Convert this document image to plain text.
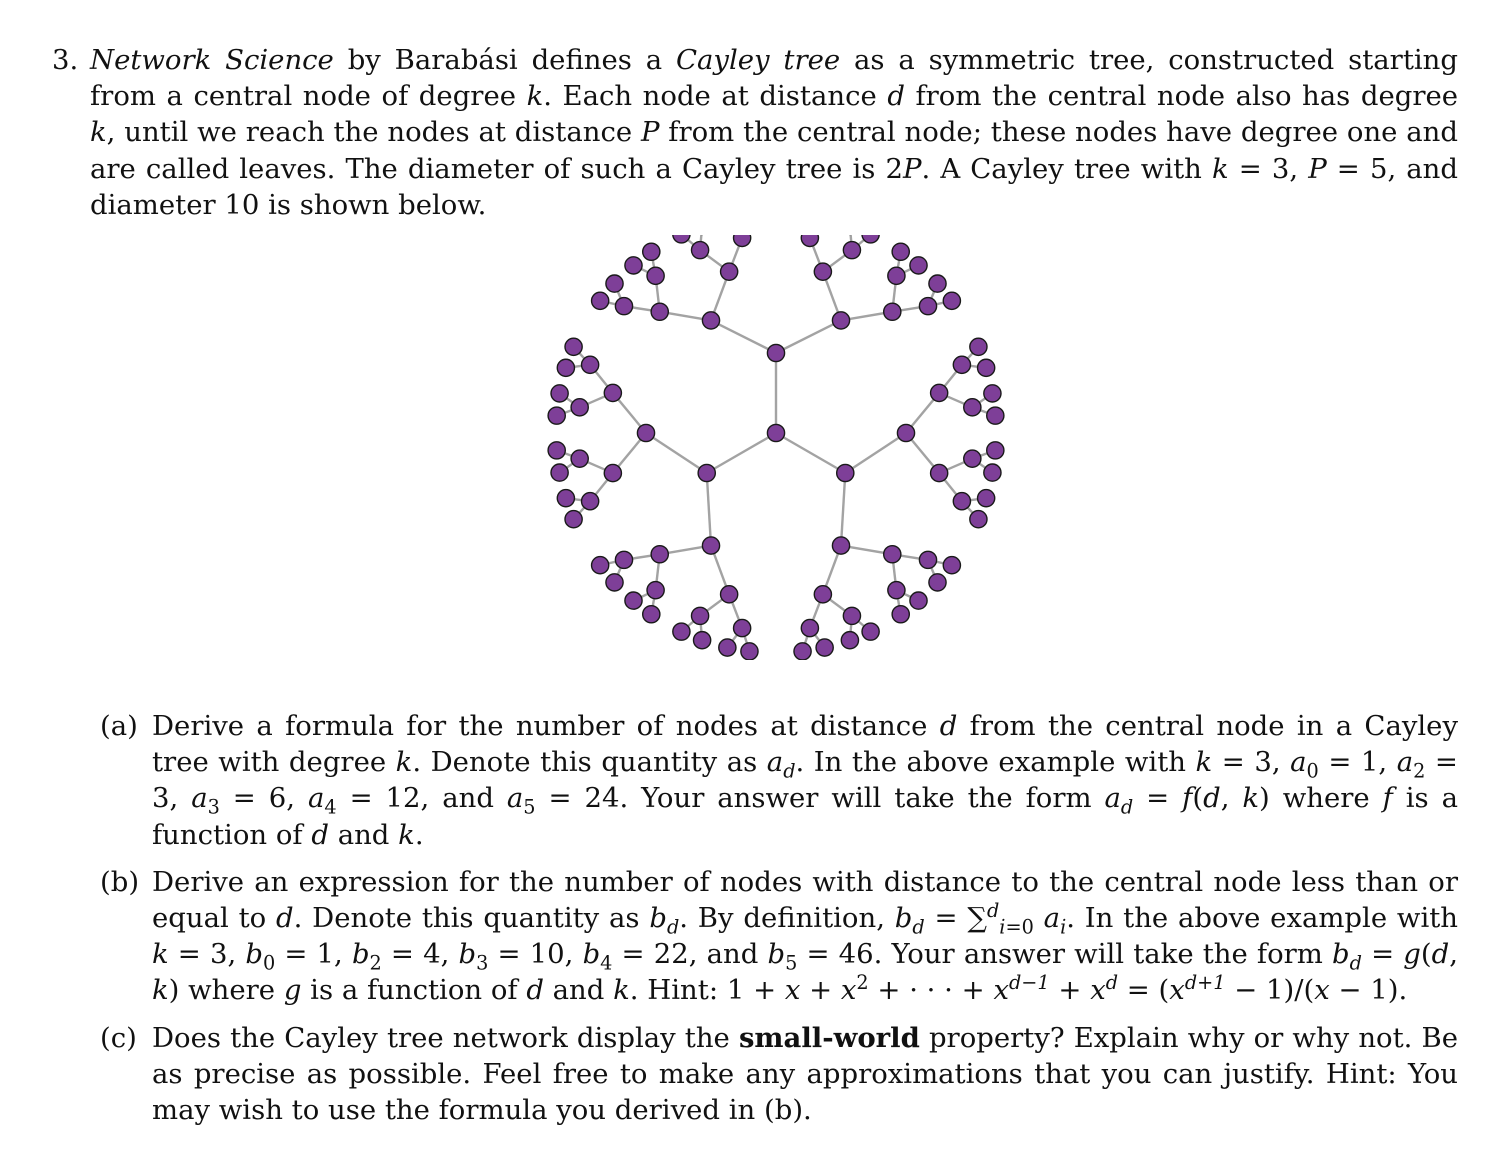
3. Network Science by Barabási defines a Cayley tree as a symmetric tree, constructed starting from a central node of degree k. Each node at distance d from the central node also has degree k, until we reach the nodes at distance P from the central node; these nodes have degree one and are called leaves. The diameter of such a Cayley tree is 2P. A Cayley tree with k = 3, P = 5, and diameter 10 is shown below.
(a) Derive a formula for the number of nodes at distance d from the central node in a Cayley tree with degree k. Denote this quantity as $a_d$. In the above example with k = 3, $a_0 = 1$, $a_2 = 3$, $a_3 = 6$, $a_4 = 12$, and $a_5 = 24$. Your answer will take the form $a_d = f(d$, k) where f is a function of d and k.
(b) Derive an expression for the number of nodes with distance to the central node less than or equal to d. Denote this quantity as $b_d$. By definition, $b_d = \sum^d_{i=0}$ $a_i$. In the above example with k = 3, $b_0 = 1$, $b_2 = 4$, $b_3 = 10$, $b_4 = 22$, and $b_5 = 46$. Your answer will take the form $b_d = g(d$, k) where g is a function of d and k. Hint: $1 + x + x^2$ + · · · + $x^{d-1} + x^d = (x^{d+1} - 1)/(x - 1)$.
(c) Does the Cayley tree network display the small-world property? Explain why or why not. Be as precise as possible. Feel free to make any approximations that you can justify. Hint: You may wish to use the formula you derived in (b).
